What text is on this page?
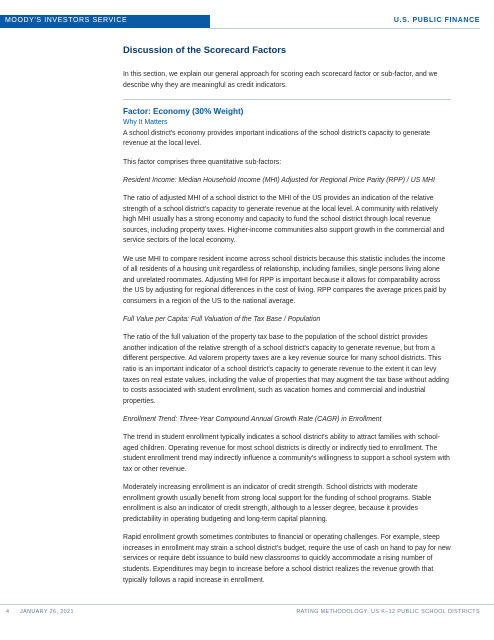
MOODY'S INVESTORS SERVICE	U.S. PUBLIC FINANCE
Discussion of the Scorecard Factors

In this section, we explain our general approach for scoring each scorecard factor or sub-factor, and we describe why they are meaningful as credit indicators.

Factor: Economy (30% Weight)
Why It Matters

A school district's economy provides important indications of the school district's capacity to generate revenue at the local level.

This factor comprises three quantitative sub-factors:

Resident Income: Median Household Income (MHI) Adjusted for Regional Price Parity (RPP) / US MHI

The ratio of adjusted MHI of a school district to the MHI of the US provides an indication of the relative strength of a school district's capacity to generate revenue at the local level. A community with relatively high MHI usually has a strong economy and capacity to fund the school district through local revenue sources, including property taxes. Higher-income communities also support growth in the commercial and service sectors of the local economy.

We use MHI to compare resident income across school districts because this statistic includes the income of all residents of a housing unit regardless of relationship, including families, single persons living alone and unrelated roommates. Adjusting MHI for RPP is important because it allows for comparability across the US by adjusting for regional differences in the cost of living. RPP compares the average prices paid by consumers in a region of the US to the national average.

Full Value per Capita: Full Valuation of the Tax Base / Population

The ratio of the full valuation of the property tax base to the population of the school district provides another indication of the relative strength of a school district's capacity to generate revenue, but from a different perspective. Ad valorem property taxes are a key revenue source for many school districts. This ratio is an important indicator of a school district's capacity to generate revenue to the extent it can levy taxes on real estate values, including the value of properties that may augment the tax base without adding to costs associated with student enrollment, such as vacation homes and commercial and industrial properties.

Enrollment Trend: Three-Year Compound Annual Growth Rate (CAGR) in Enrollment

The trend in student enrollment typically indicates a school district's ability to attract families with school-aged children. Operating revenue for most school districts is directly or indirectly tied to enrollment. The student enrollment trend may indirectly influence a community's willingness to support a school system with tax or other revenue.

Moderately increasing enrollment is an indicator of credit strength. School districts with moderate enrollment growth usually benefit from strong local support for the funding of school programs. Stable enrollment is also an indicator of credit strength, although to a lesser degree, because it provides predictability in operating budgeting and long-term capital planning.

Rapid enrollment growth sometimes contributes to financial or operating challenges. For example, steep increases in enrollment may strain a school district's budget, require the use of cash on hand to pay for new services or require debt issuance to build new classrooms to quickly accommodate a rising number of students. Expenditures may begin to increase before a school district realizes the revenue growth that typically follows a rapid increase in enrollment.

4 JANUARY 26, 2021	RATING METHODOLOGY: US K–12 PUBLIC SCHOOL DISTRICTS
